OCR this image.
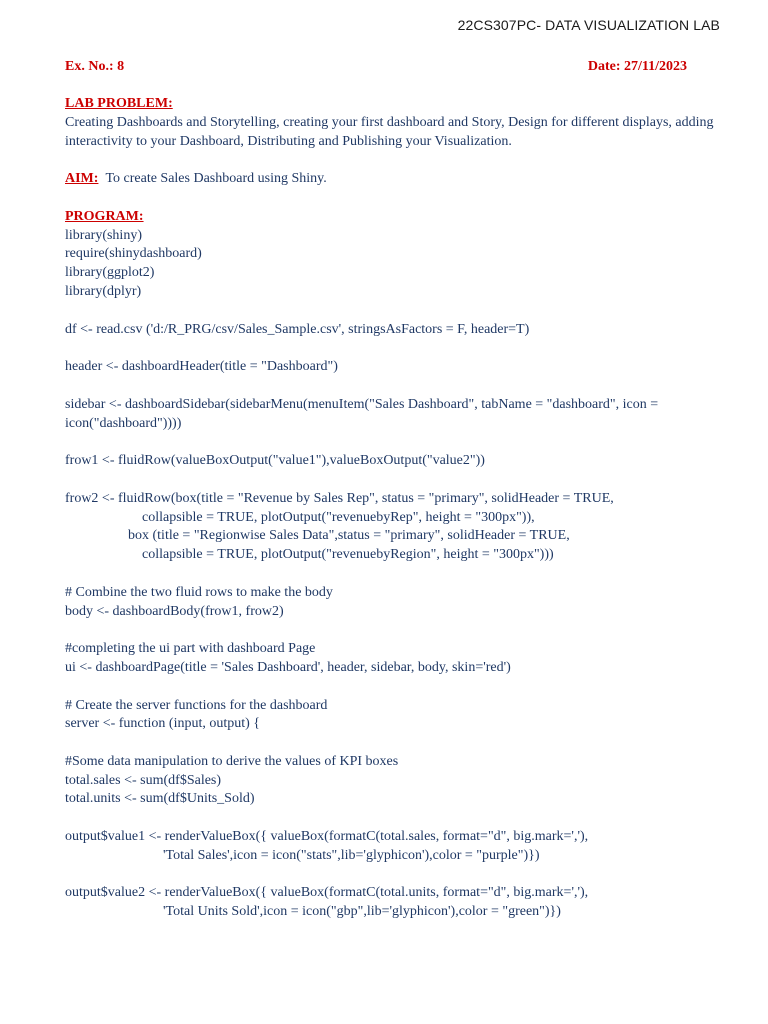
22CS307PC- DATA VISUALIZATION LAB
Ex. No.: 8	Date: 27/11/2023
LAB PROBLEM:
Creating Dashboards and Storytelling, creating your first dashboard and Story, Design for different displays, adding interactivity to your Dashboard, Distributing and Publishing your Visualization.
AIM: To create Sales Dashboard using Shiny.
PROGRAM:
library(shiny)
require(shinydashboard)
library(ggplot2)
library(dplyr)
df <- read.csv ('d:/R_PRG/csv/Sales_Sample.csv', stringsAsFactors = F, header=T)
header <- dashboardHeader(title = "Dashboard")
sidebar <- dashboardSidebar(sidebarMenu(menuItem("Sales Dashboard", tabName = "dashboard", icon =
icon("dashboard"))))
frow1 <- fluidRow(valueBoxOutput("value1"),valueBoxOutput("value2"))
frow2 <- fluidRow(box(title = "Revenue by Sales Rep", status = "primary", solidHeader = TRUE,
collapsible = TRUE, plotOutput("revenuebyRep", height = "300px")),
box (title = "Regionwise Sales Data",status = "primary", solidHeader = TRUE,
collapsible = TRUE, plotOutput("revenuebyRegion", height = "300px")))
# Combine the two fluid rows to make the body
body <- dashboardBody(frow1, frow2)
#completing the ui part with dashboard Page
ui <- dashboardPage(title = 'Sales Dashboard', header, sidebar, body, skin='red')
# Create the server functions for the dashboard
server <- function (input, output) {
#Some data manipulation to derive the values of KPI boxes
total.sales <- sum(df$Sales)
total.units <- sum(df$Units_Sold)
output$value1 <- renderValueBox({ valueBox(formatC(total.sales, format="d", big.mark=','),
'Total Sales',icon = icon("stats",lib='glyphicon'),color = "purple")})
output$value2 <- renderValueBox({ valueBox(formatC(total.units, format="d", big.mark=','),
'Total Units Sold',icon = icon("gbp",lib='glyphicon'),color = "green")})
